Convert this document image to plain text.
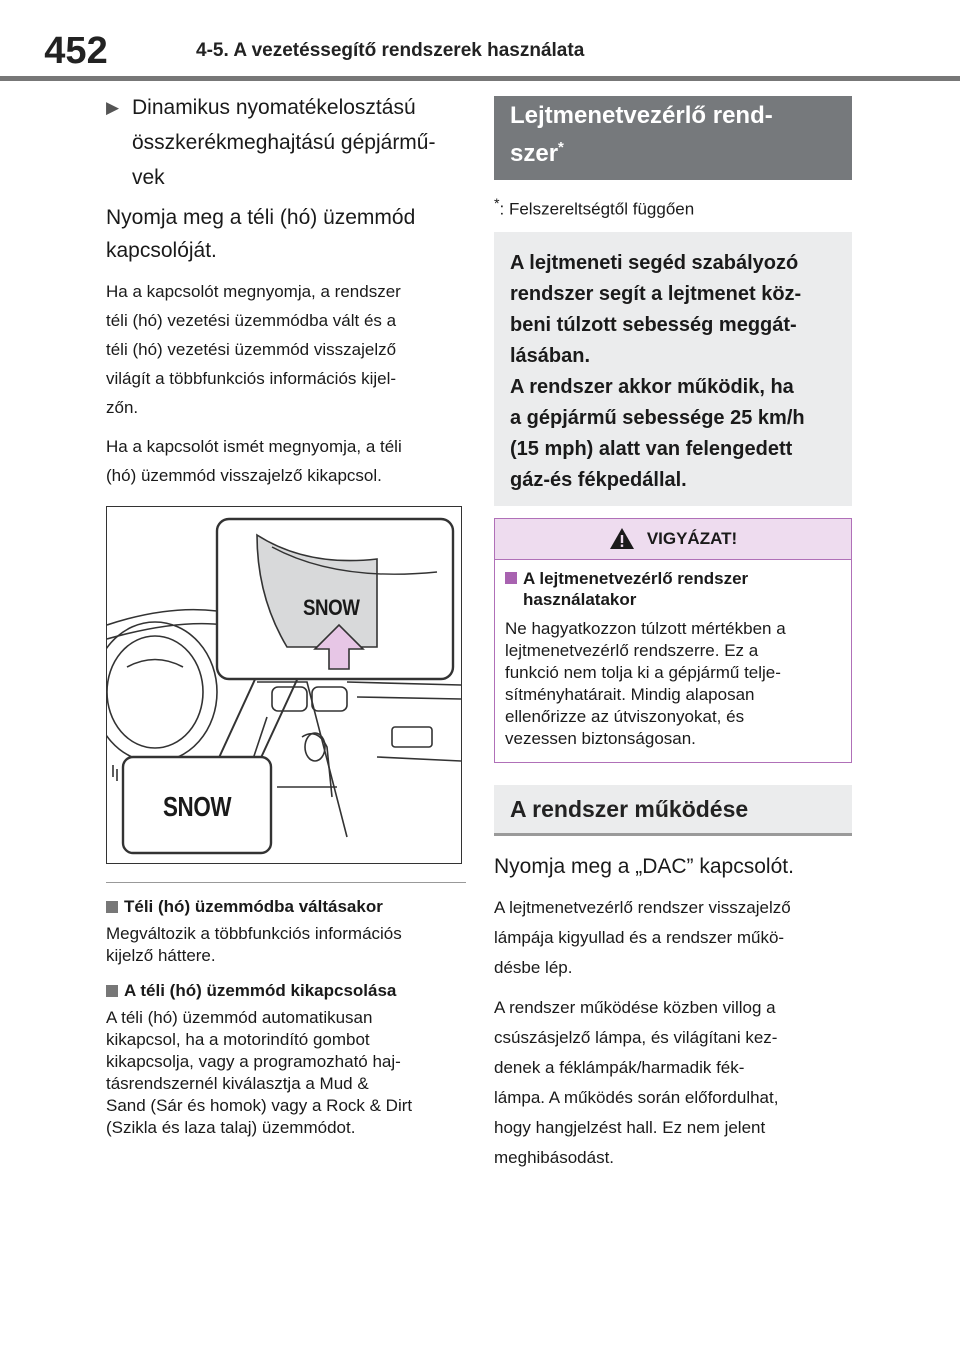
452	4-5. A vezetéssegítő rendszerek használata
▶ Dinamikus nyomatékelosztású
összkerékmeghajtású gépjármű-
vek
Nyomja meg a téli (hó) üzemmód
kapcsolóját.
Ha a kapcsolót megnyomja, a rendszer
téli (hó) vezetési üzemmódba vált és a
téli (hó) vezetési üzemmód visszajelző
világít a többfunkciós információs kijel-
zőn.
Ha a kapcsolót ismét megnyomja, a téli
(hó) üzemmód visszajelző kikapcsol.
SNOW
SNOW
Téli (hó) üzemmódba váltásakor
Megváltozik a többfunkciós információs
kijelző háttere.
A téli (hó) üzemmód kikapcsolása
A téli (hó) üzemmód automatikusan
kikapcsol, ha a motorindító gombot
kikapcsolja, vagy a programozható haj-
tásrendszernél kiválasztja a Mud &
Sand (Sár és homok) vagy a Rock & Dirt
(Szikla és laza talaj) üzemmódot.
Lejtmenetvezérlő rend-
szer*
*: Felszereltségtől függően
A lejtmeneti segéd szabályozó
rendszer segít a lejtmenet köz-
beni túlzott sebesség meggát-
lásában.
A rendszer akkor működik, ha
a gépjármű sebessége 25 km/h
(15 mph) alatt van felengedett
gáz-és fékpedállal.
VIGYÁZAT!
A lejtmenetvezérlő rendszer
használatakor
Ne hagyatkozzon túlzott mértékben a
lejtmenetvezérlő rendszerre. Ez a
funkció nem tolja ki a gépjármű telje-
sítményhatárait. Mindig alaposan
ellenőrizze az útviszonyokat, és
vezessen biztonságosan.
A rendszer működése
Nyomja meg a „DAC” kapcsolót.
A lejtmenetvezérlő rendszer visszajelző
lámpája kigyullad és a rendszer műkö-
désbe lép.
A rendszer működése közben villog a
csúszásjelző lámpa, és világítani kez-
denek a féklámpák/harmadik fék-
lámpa. A működés során előfordulhat,
hogy hangjelzést hall. Ez nem jelent
meghibásodást.
